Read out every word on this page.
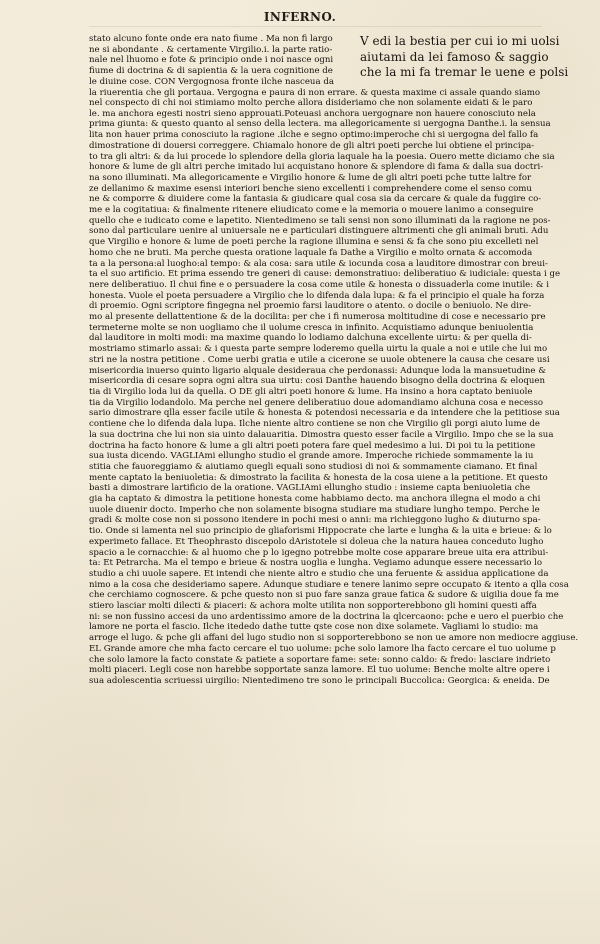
INFERNO.
V edi la bestia per cui io mi uolsi
aiutami da lei famoso & saggio
che la mi fa tremar le uene e polsi
stato alcuno fonte onde era nato fiume . Ma non fi largo
ne si abondante . & certamente Virgilio.i. la parte ratio-
nale nel lhuomo e fote & principio onde i noi nasce ogni
fiume di doctrina & di sapientia & la uera cognitione de
le diuine cose. CON Vergognosa fronte ilche nasceua da
la riuerentia che gli portaua. Vergogna e paura di non errare. & questa maxime ci assale quando siamo
nel conspecto di chi noi stimiamo molto perche allora disideriamo che non solamente eidati & le paro
le. ma anchora egesti nostri sieno approuati.Poteuasi anchora uergognare non hauere conosciuto nela
prima giunta: & questo quanto al senso della lectera. ma allegoricamente si uergogna Danthe.i. la sensua
lita non hauer prima conosciuto la ragione .ilche e segno optimo:imperoche chi si uergogna del fallo fa
dimostratione di douersi correggere. Chiamalo honore de gli altri poeti perche lui obtiene el principa-
to tra gli altri: & da lui procede lo splendore della gloria laquale ha la poesia. Ouero mette diciamo che sia
honore & lume de gli altri perche imitado lui acquistano honore & splendore di fama & dalla sua doctri-
na sono illuminati. Ma allegoricamente e Virgilio honore & lume de gli altri poeti pche tutte laltre for
ze dellanimo & maxime esensi interiori benche sieno excellenti i comprehendere come el senso comu
ne & comporre & diuidere come la fantasia & giudicare qual cosa sia da cercare & quale da fuggire co-
me e la cogitatiua: & finalmente ritenere eliudicato come e la memoria o mouere lanimo a conseguire
quello che e iudicato come e lapetito. Nientedimeno se tali sensi non sono illuminati da la ragione ne pos-
sono dal particulare uenire al uniuersale ne e particulari distinguere altrimenti che gli animali bruti. Adu
que Virgilio e honore & lume de poeti perche la ragione illumina e sensi & fa che sono piu excelleti nel
homo che ne bruti. Ma perche questa oratione laquale fa Dathe a Virgilio e molto ornata & accomoda
ta a la persona:al luogho:al tempo: & ala cosa: sara utile & iocunda cosa a lauditore dimostrar con breui-
ta el suo artificio. Et prima essendo tre generi di cause: demonstratiuo: deliberatiuo & iudiciale: questa i ge
nere deliberatiuo. Il chui fine e o persuadere la cosa come utile & honesta o dissuaderla come inutile: & i
honesta. Vuole el poeta persuadere a Virgilio che lo difenda dala lupa: & fa el principio el quale ha forza
di proemio. Ogni scriptore fingegna nel proemio farsi lauditore o atento. o docile o beniuolo. Ne dire-
mo al presente dellattentione & de la docilita: per che i fi numerosa moltitudine di cose e necessario pre
termeterne molte se non uogliamo che il uolume cresca in infinito. Acquistiamo adunque beniuolentia
dal lauditore in molti modi: ma maxime quando lo lodiamo dalchuna excellente uirtu: & per quella di-
mostriamo stimarlo assai: & i questa parte sempre loderemo quella uirtu la quale a noi e utile che lui mo
stri ne la nostra petitione . Come uerbi gratia e utile a cicerone se uuole obtenere la causa che cesare usi
misericordia inuerso quinto ligario alquale desideraua che perdonassi: Adunque loda la mansuetudine &
misericordia di cesare sopra ogni altra sua uirtu: cosi Danthe hauendo bisogno della doctrina & eloquen
tia di Virgilio loda lui da quella. O DE gli altri poeti honore & lume. Ha insino a hora captato beniuole
tia da Virgilio lodandolo. Ma perche nel genere deliberatiuo doue adomandiamo alchuna cosa e necesso
sario dimostrare qlla esser facile utile & honesta & potendosi necessaria e da intendere che la petitiose sua
contiene che lo difenda dala lupa. Ilche niente altro contiene se non che Virgilio gli porgi aiuto lume de
la sua doctrina che lui non sia uinto dalauaritia. Dimostra questo esser facile a Virgilio. Impo che se la sua
doctrina ha facto honore & lume a gli altri poeti potera fare quel medesimo a lui. Di poi tu la petitione
sua iusta dicendo. VAGLIAmi ellungho studio el grande amore. Imperoche richiede sommamente la iu
stitia che fauoreggiamo & aiutiamo quegli equali sono studiosi di noi & sommamente ciamano. Et final
mente captato la beniuoletia: & dimostrato la facilita & honesta de la cosa uiene a la petitione. Et questo
basti a dimostrare lartificio de la oratione. VAGLIAmi ellungho studio : insieme capta beniuoletia che
gia ha captato & dimostra la petitione honesta come habbiamo decto. ma anchora illegna el modo a chi
uuole diuenir docto. Imperho che non solamente bisogna studiare ma studiare lungho tempo. Perche le
gradi & molte cose non si possono itendere in pochi mesi o anni: ma richieggono lugho & diuturno spa-
tio. Onde si lamenta nel suo principio de gliaforismi Hippocrate che larte e lungha & la uita e brieue: & lo
experimeto fallace. Et Theophrasto discepolo dAristotele si doleua che la natura hauea conceduto lugho
spacio a le cornacchie: & al huomo che p lo igegno potrebbe molte cose apparare breue uita era attribui-
ta: Et Petrarcha. Ma el tempo e brieue & nostra uoglia e lungha. Vegiamo adunque essere necessario lo
studio a chi uuole sapere. Et intendi che niente altro e studio che una feruente & assidua applicatione da
nimo a la cosa che desideriamo sapere. Adunque studiare e tenere lanimo sepre occupato & itento a qlla cosa
che cerchiamo cognoscere. & pche questo non si puo fare sanza graue fatica & sudore & uigilia doue fa me
stiero lasciar molti dilecti & piaceri: & achora molte utilita non sopporterebbono gli homini questi affa
ni: se non fussino accesi da uno ardentissimo amore de la doctrina la qlcercaono: pche e uero el puerbio che
lamore ne porta el fascio. Ilche itededo dathe tutte qste cose non dixe solamete. Vagliami lo studio: ma
arroge el lugo. & pche gli affani del lugo studio non si sopporterebbono se non ue amore non mediocre aggiuse.
EL Grande amore che mha facto cercare el tuo uolume: pche solo lamore lha facto cercare el tuo uolume p
che solo lamore la facto constate & patiete a soportare fame: sete: sonno caldo: & fredo: lasciare indrieto
molti piaceri. Legli cose non harebbe sopportate sanza lamore. El tuo uolume: Benche molte altre opere i
sua adolescentia scriuessi uirgilio: Nientedimeno tre sono le principali Buccolica: Georgica: & eneida. De
